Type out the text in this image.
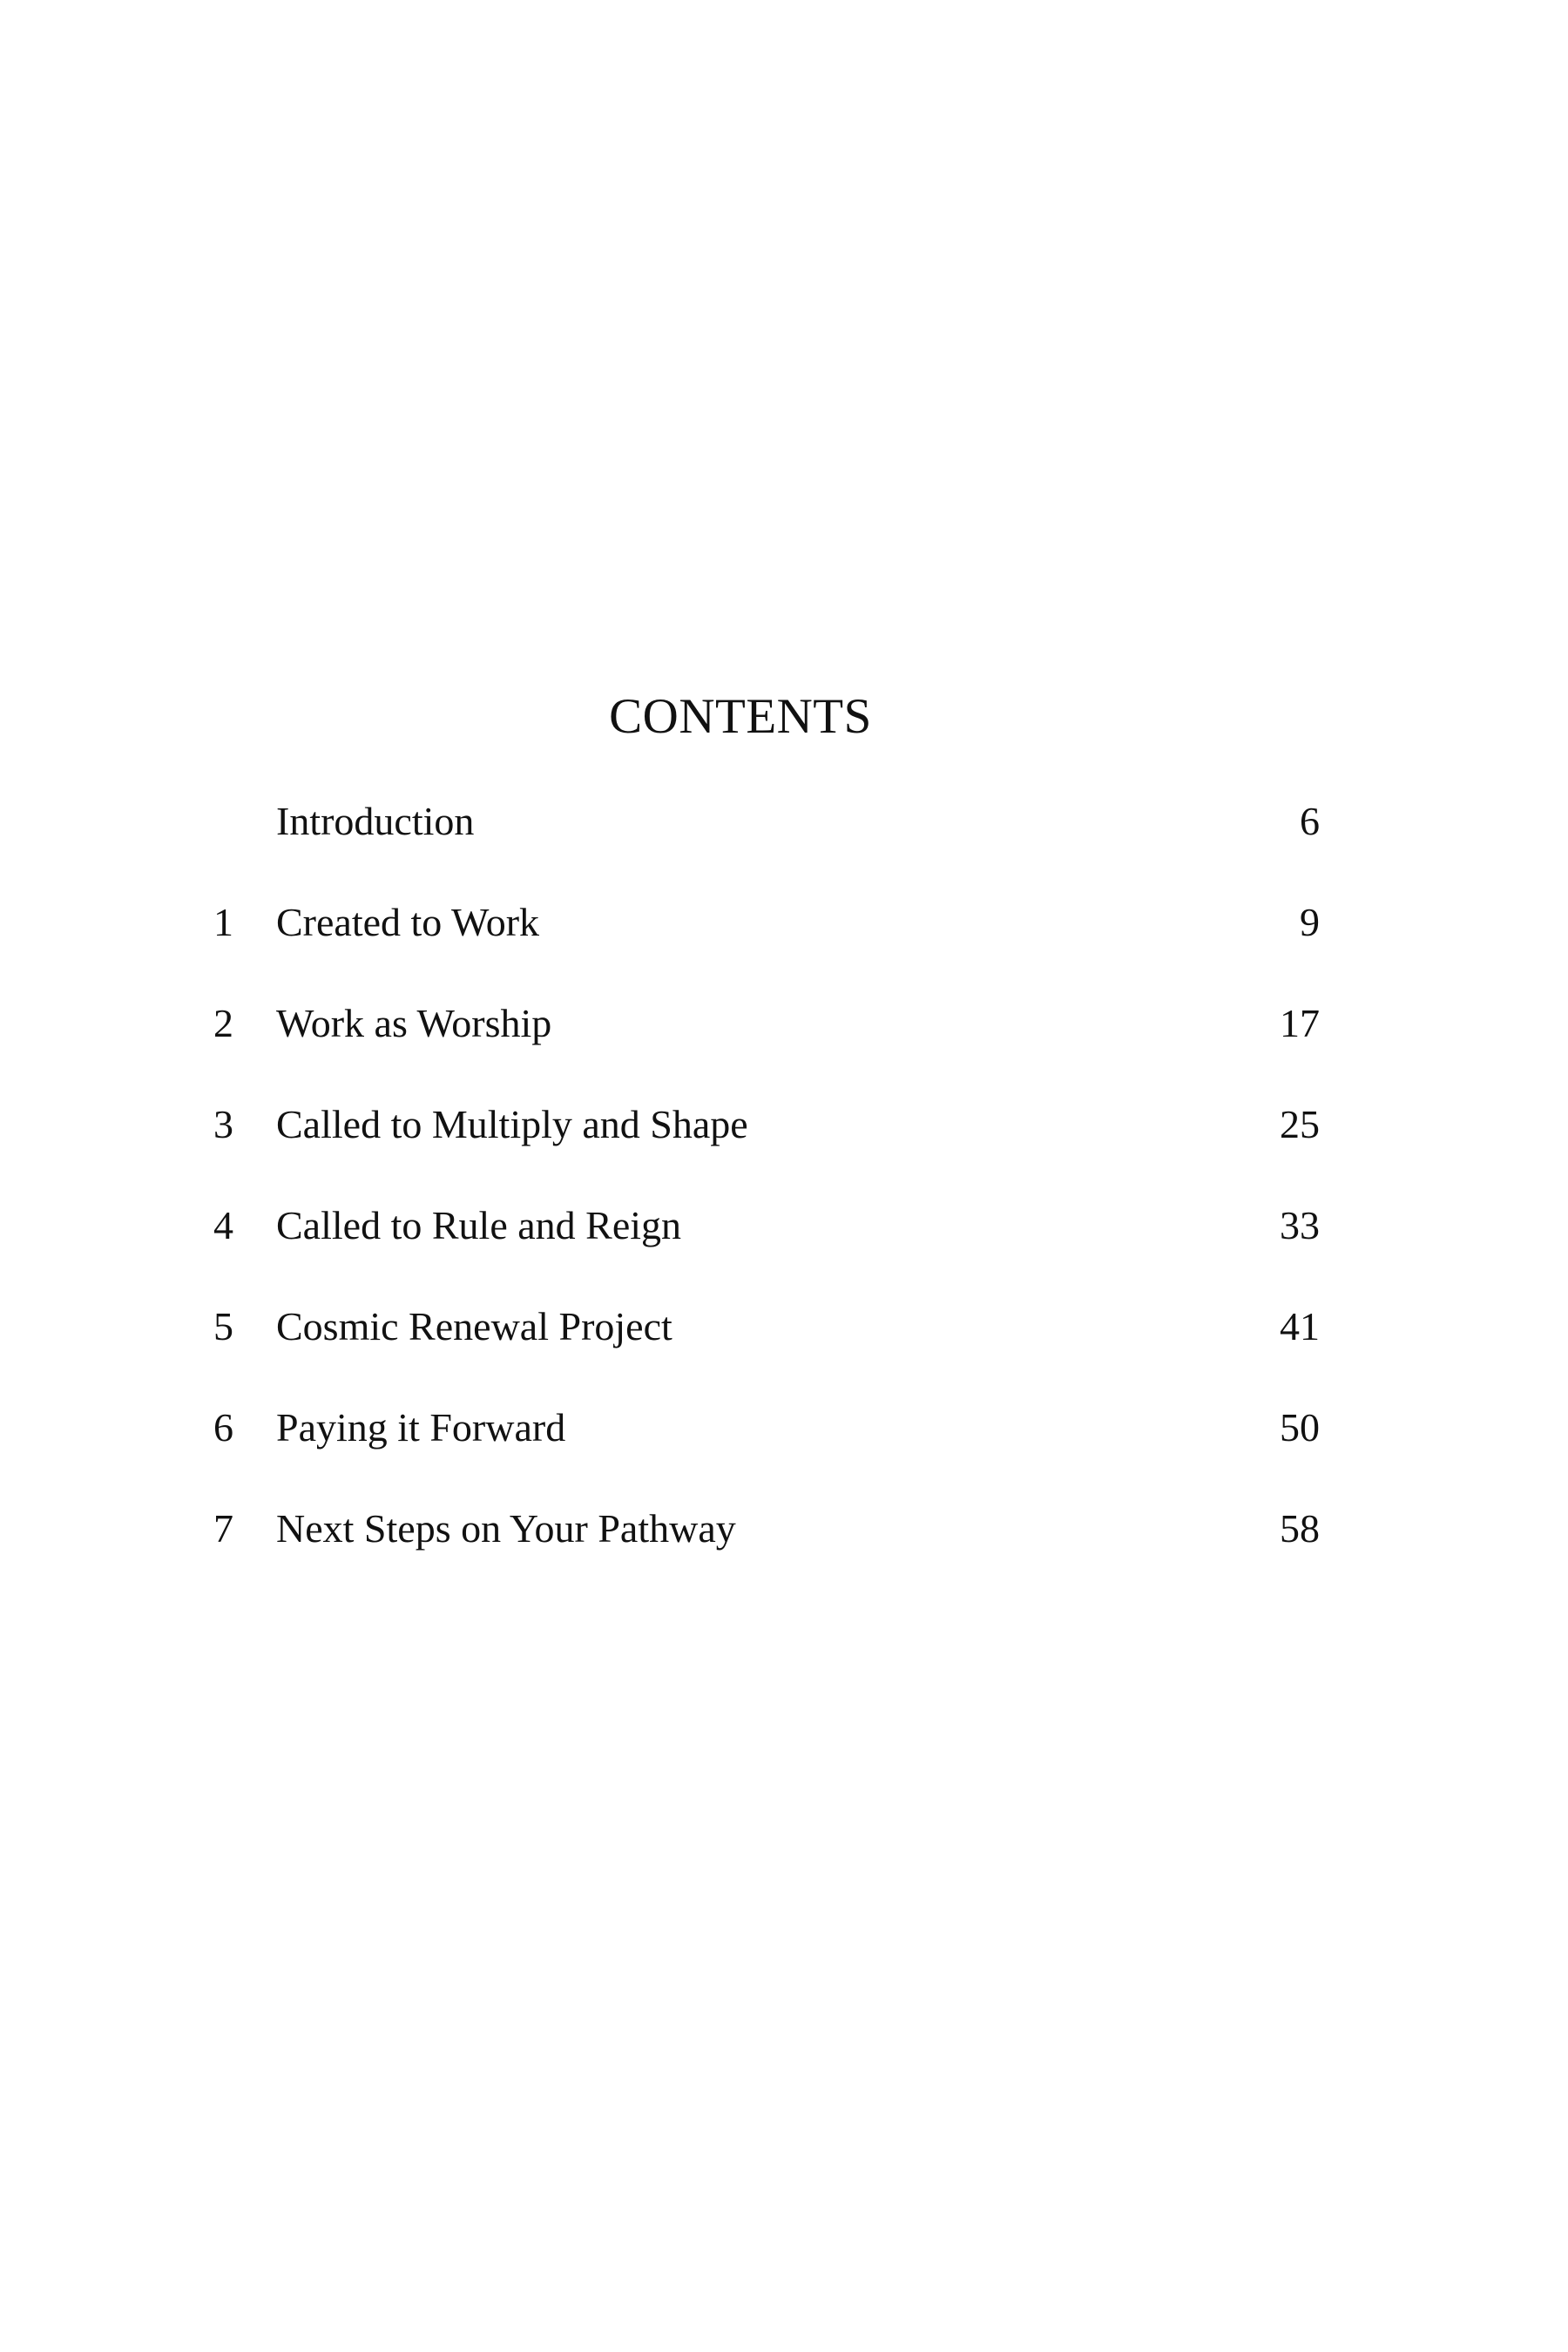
CONTENTS
Introduction	6
1	Created to Work	9
2	Work as Worship	17
3	Called to Multiply and Shape	25
4	Called to Rule and Reign	33
5	Cosmic Renewal Project	41
6	Paying it Forward	50
7	Next Steps on Your Pathway	58
